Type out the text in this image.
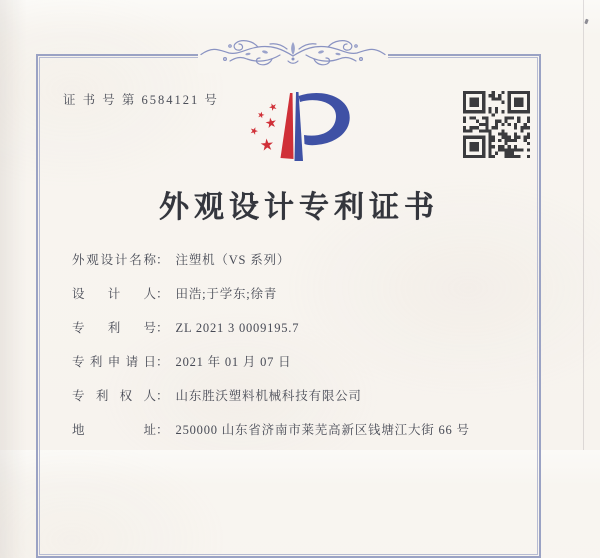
证 书 号 第 6584121 号
外观设计专利证书
外观设计名称： 注塑机（VS 系列）
设计人： 田浩;于学东;徐青
专利号： ZL 2021 3 0009195.7
专利申请日： 2021 年 01 月 07 日
专利权人： 山东胜沃塑料机械科技有限公司
地址： 250000 山东省济南市莱芜高新区钱塘江大街 66 号
